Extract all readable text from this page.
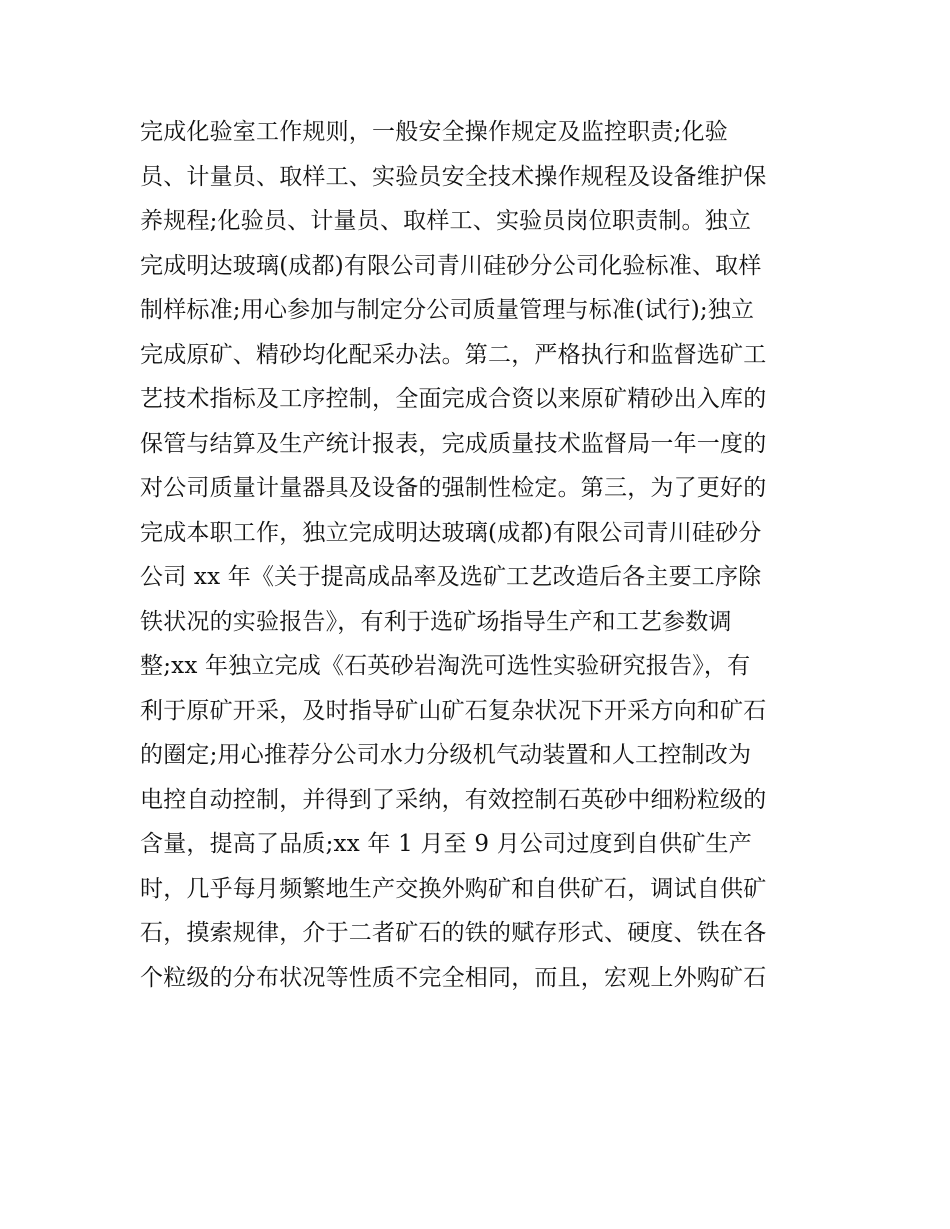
完成化验室工作规则，一般安全操作规定及监控职责;化验
员、计量员、取样工、实验员安全技术操作规程及设备维护保
养规程;化验员、计量员、取样工、实验员岗位职责制。独立
完成明达玻璃(成都)有限公司青川硅砂分公司化验标准、取样
制样标准;用心参加与制定分公司质量管理与标准(试行);独立
完成原矿、精砂均化配采办法。第二，严格执行和监督选矿工
艺技术指标及工序控制，全面完成合资以来原矿精砂出入库的
保管与结算及生产统计报表，完成质量技术监督局一年一度的
对公司质量计量器具及设备的强制性检定。第三，为了更好的
完成本职工作，独立完成明达玻璃(成都)有限公司青川硅砂分
公司 xx 年《关于提高成品率及选矿工艺改造后各主要工序除
铁状况的实验报告》，有利于选矿场指导生产和工艺参数调
整;xx 年独立完成《石英砂岩淘洗可选性实验研究报告》，有
利于原矿开采，及时指导矿山矿石复杂状况下开采方向和矿石
的圈定;用心推荐分公司水力分级机气动装置和人工控制改为
电控自动控制，并得到了采纳，有效控制石英砂中细粉粒级的
含量，提高了品质;xx 年 1 月至 9 月公司过度到自供矿生产
时，几乎每月频繁地生产交换外购矿和自供矿石，调试自供矿
石，摸索规律，介于二者矿石的铁的赋存形式、硬度、铁在各
个粒级的分布状况等性质不完全相同，而且，宏观上外购矿石
